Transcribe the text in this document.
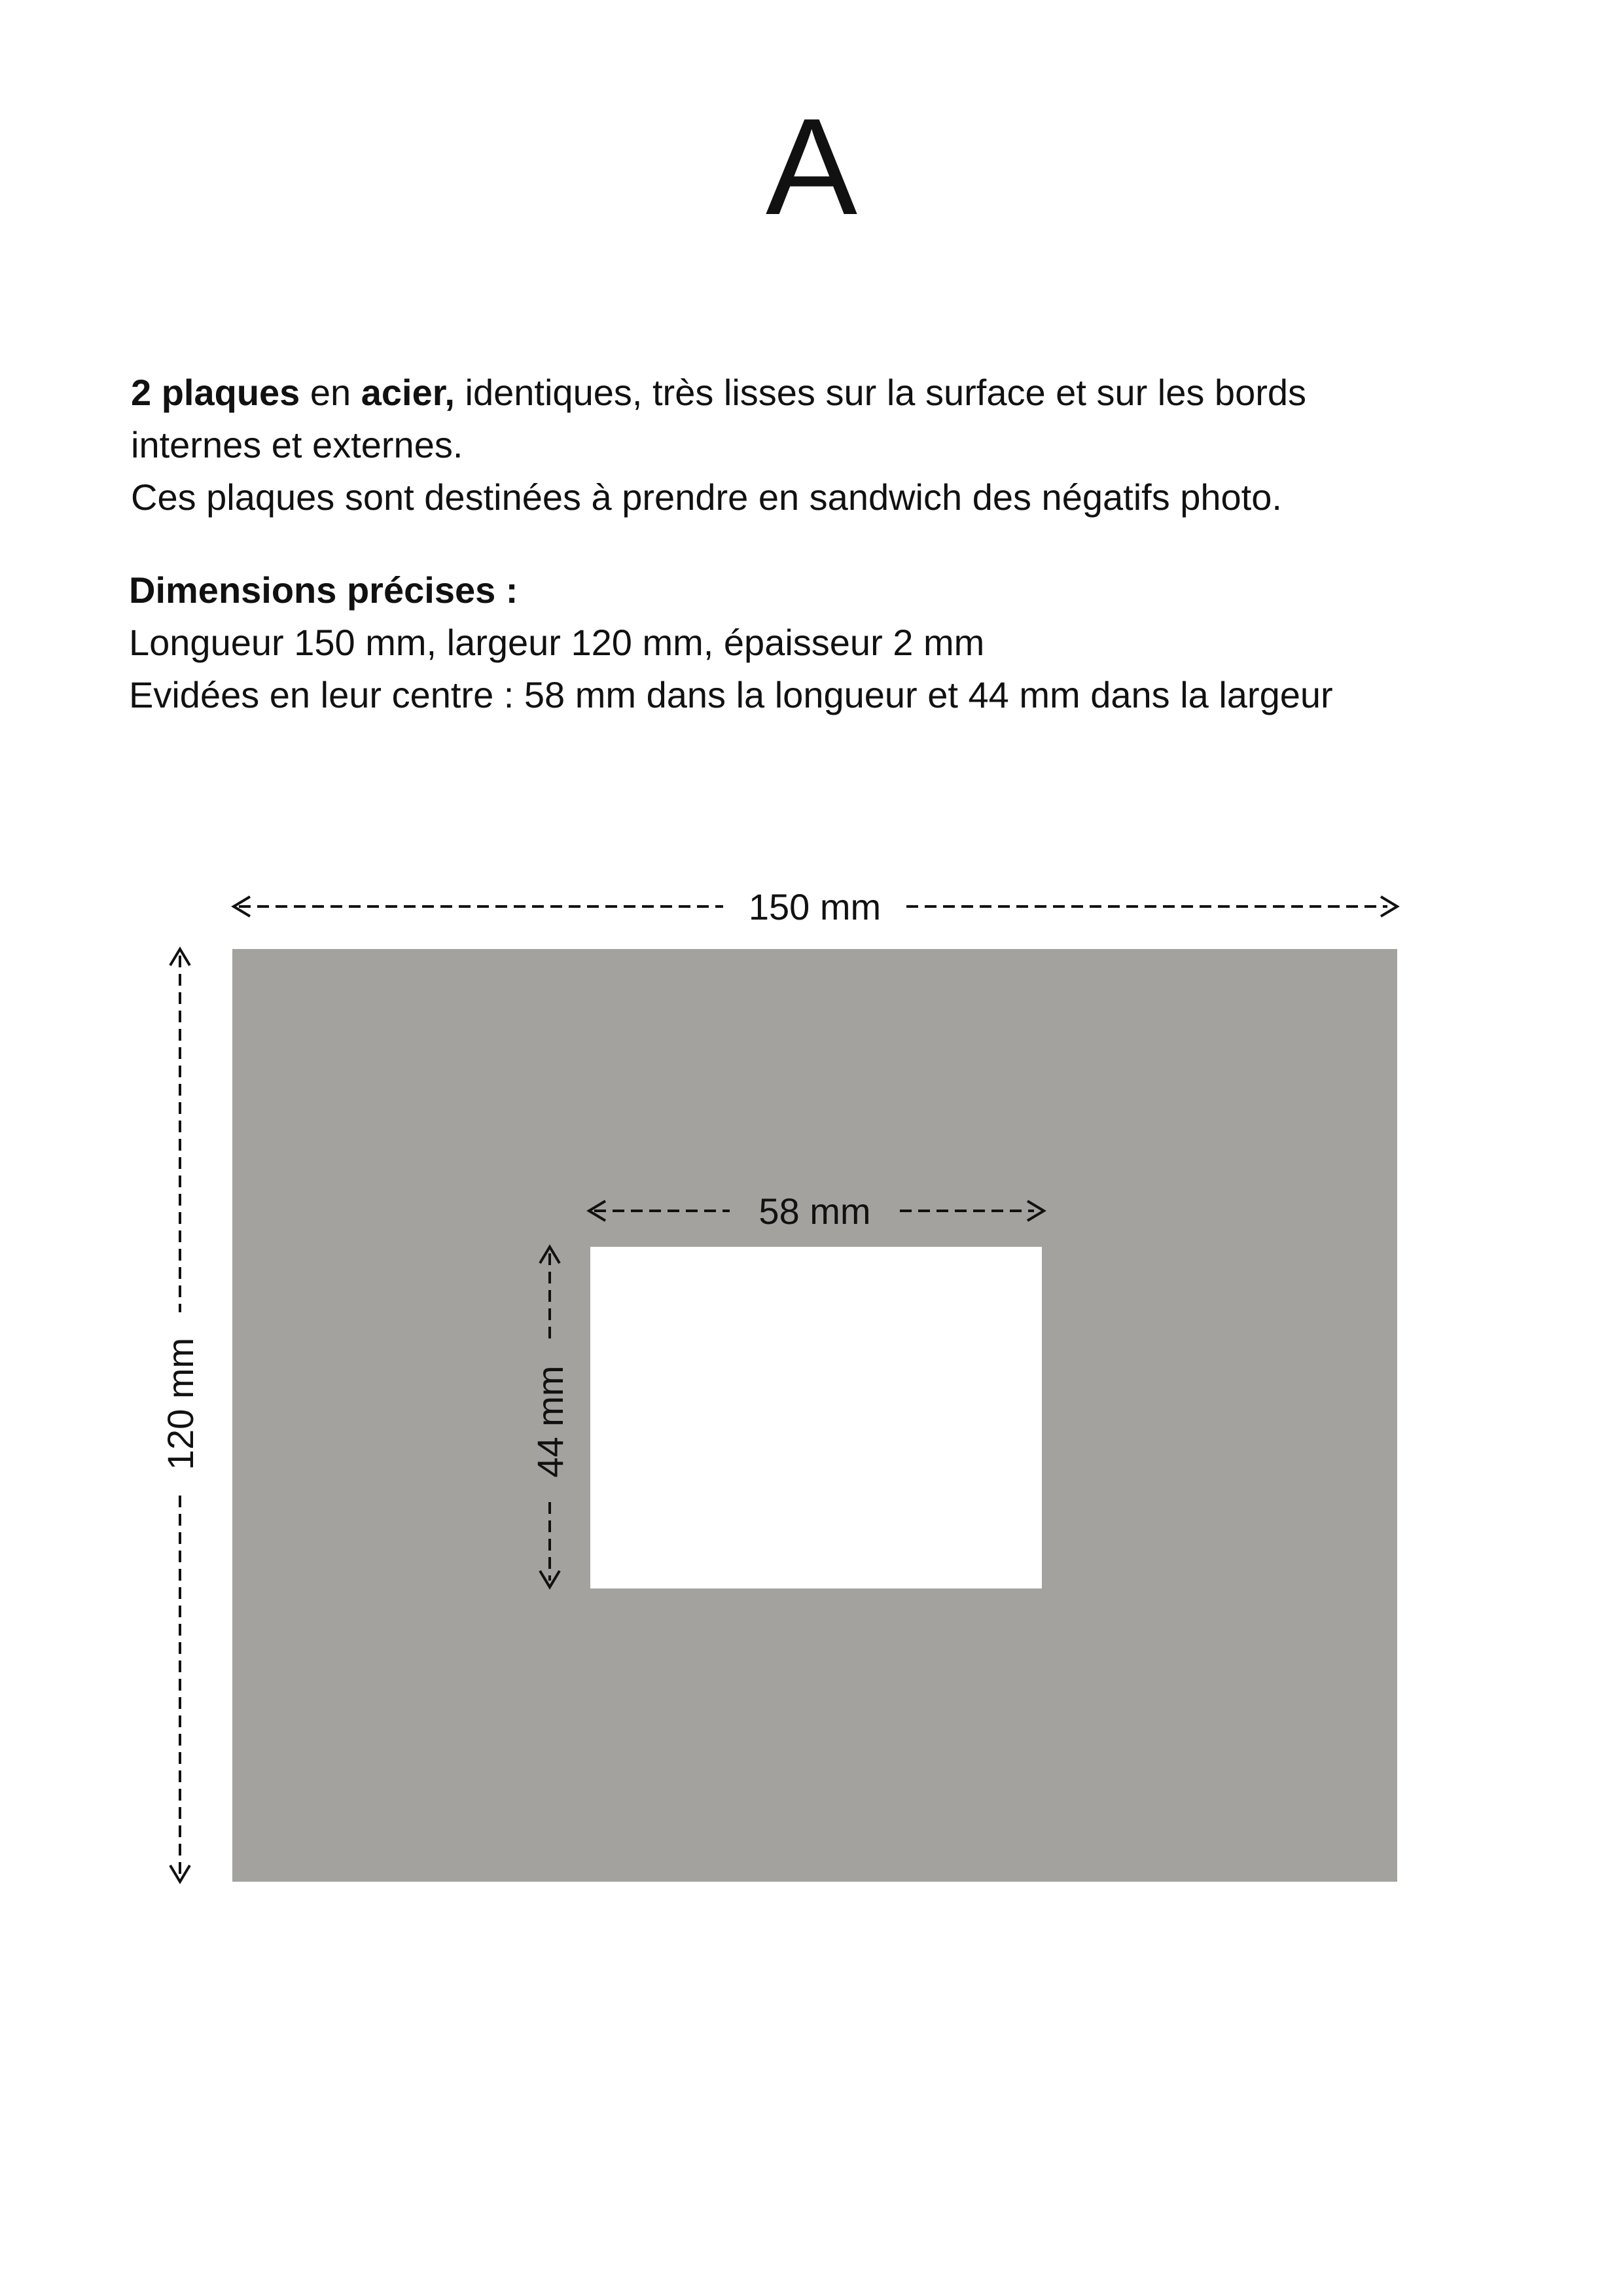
A

2 plaques en acier, identiques, très lisses sur la surface et sur les bords

internes et externes.

Ces plaques sont destinées à prendre en sandwich des négatifs photo.

Dimensions précises :

Longueur 150 mm, largeur 120 mm, épaisseur 2 mm

Evidées en leur centre : 58 mm dans la longueur et 44 mm dans la largeur

150 mm
120 mm
58 mm
44 mm
